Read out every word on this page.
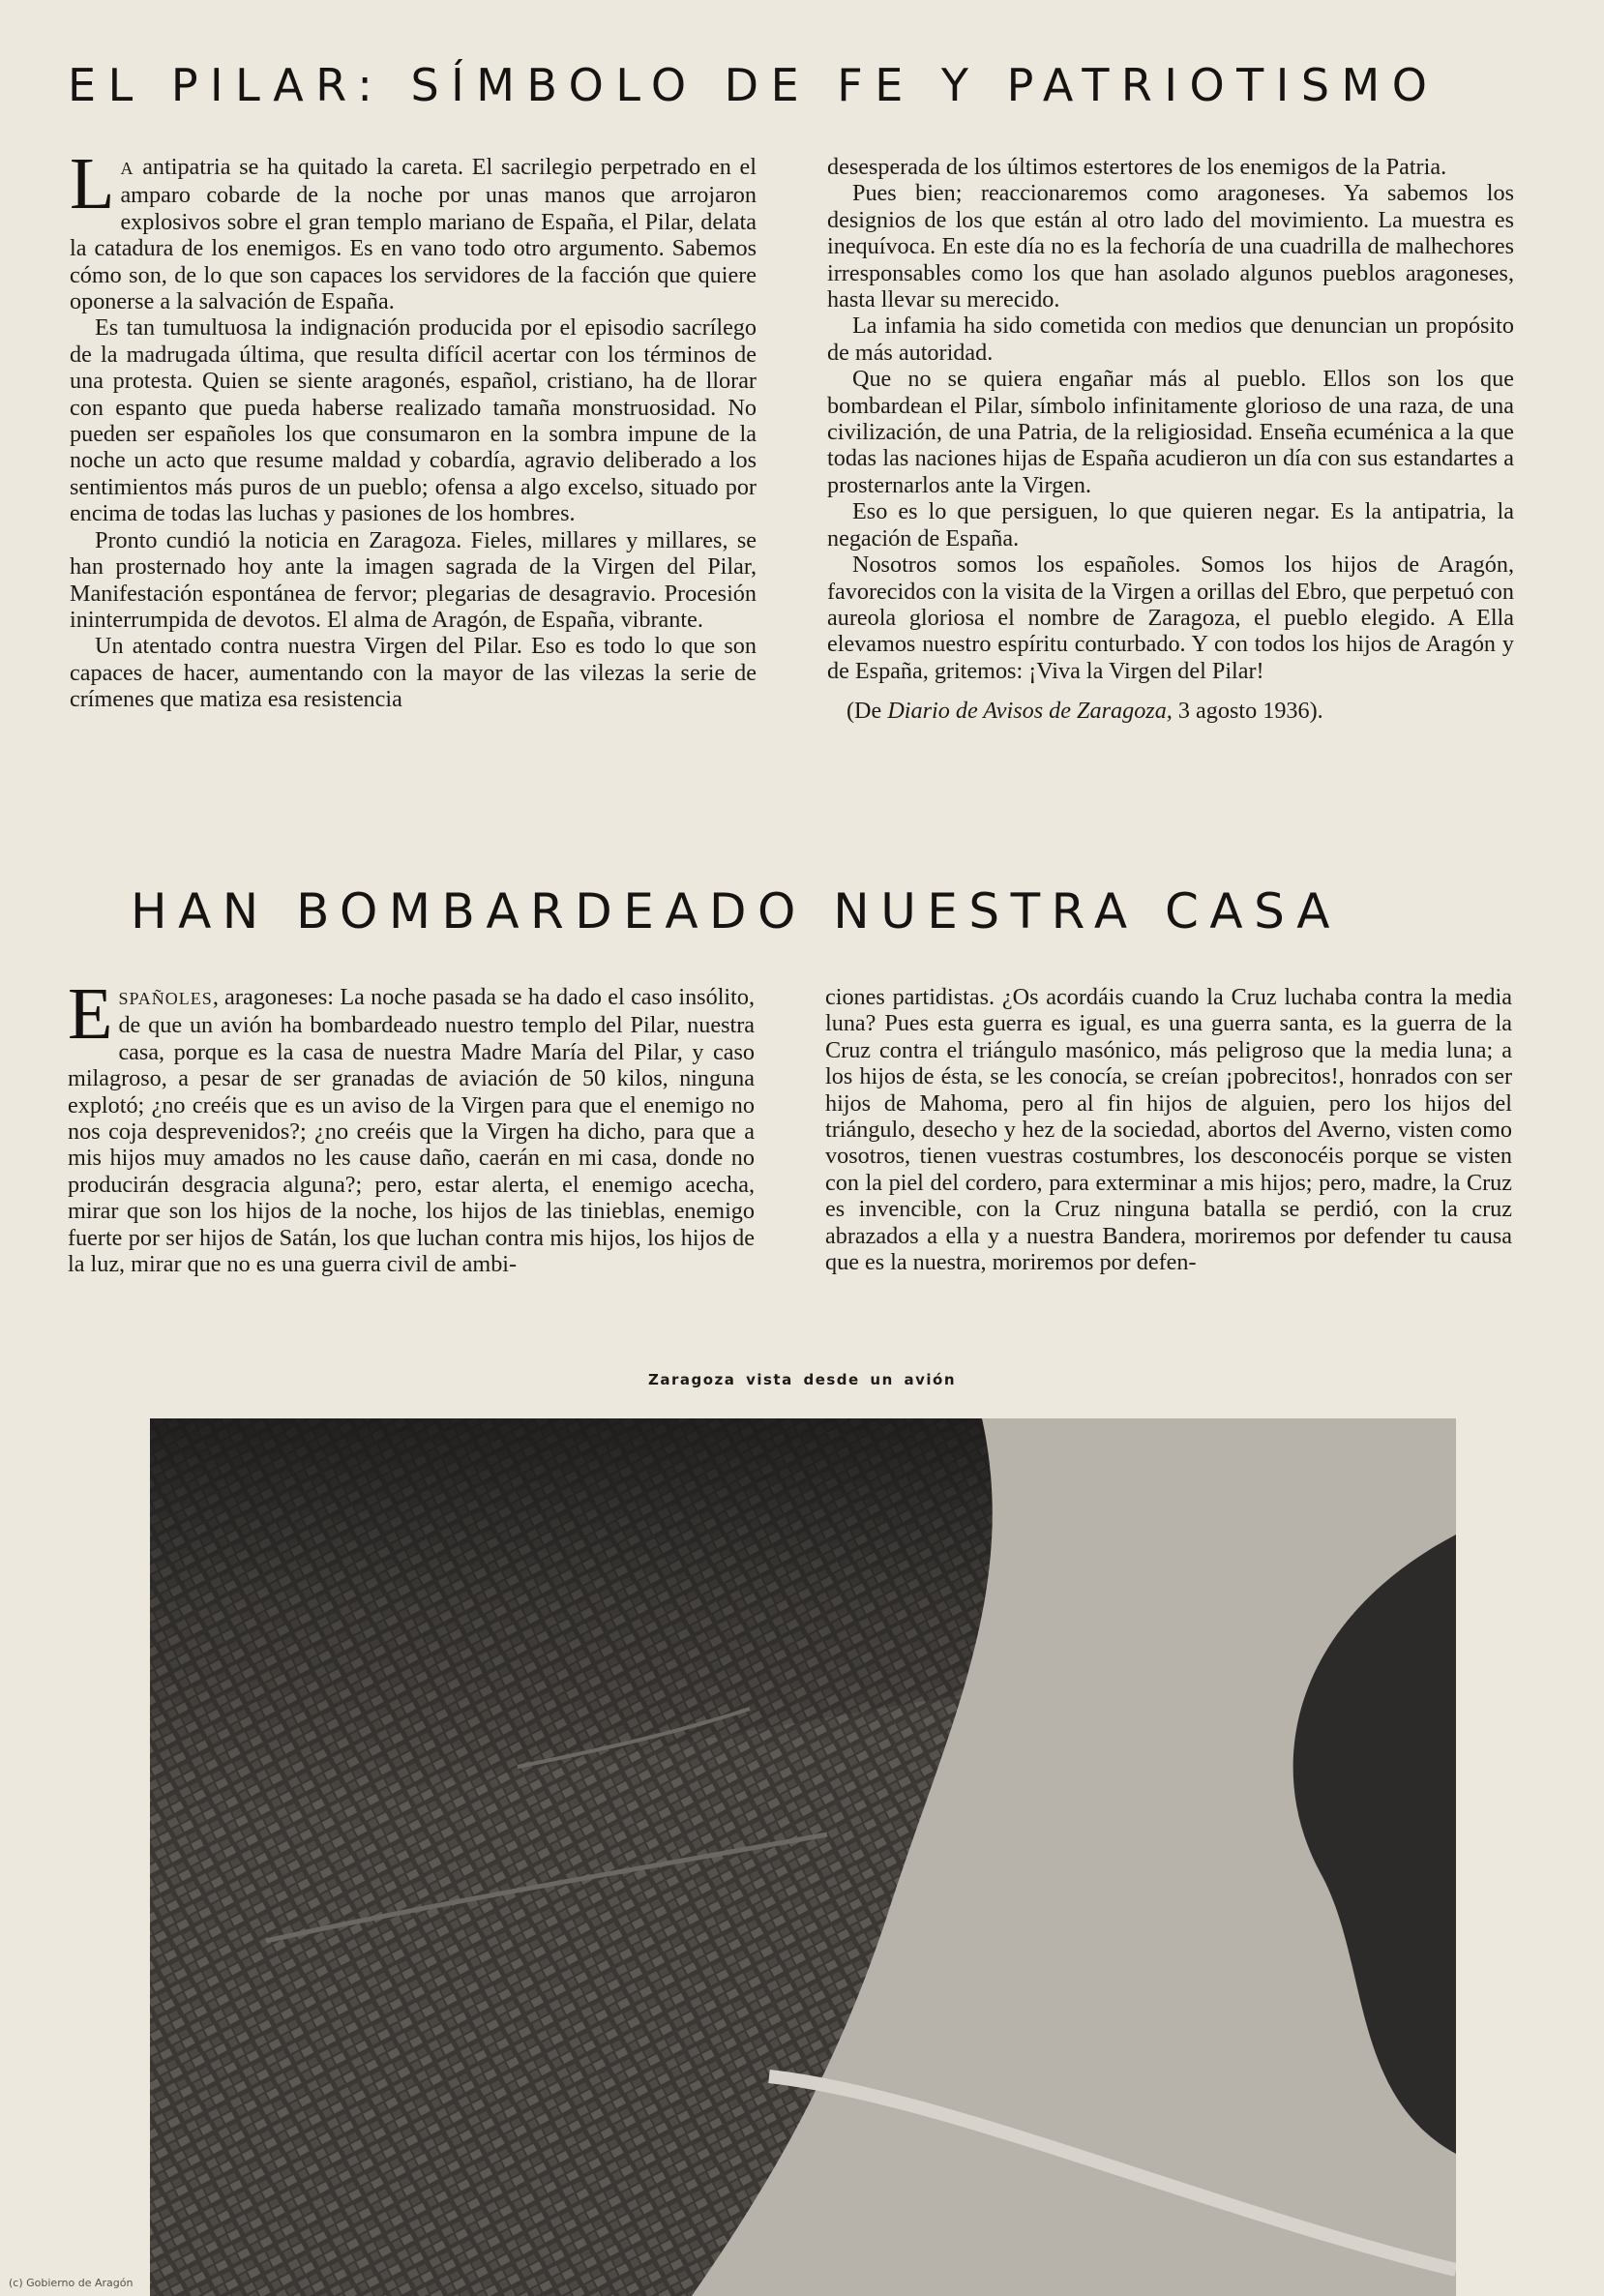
EL PILAR: SÍMBOLO DE FE Y PATRIOTISMO

LA antipatria se ha quitado la careta. El sacrilegio perpetrado en el amparo cobarde de la noche por unas manos que arrojaron explosivos sobre el gran templo mariano de España, el Pilar, delata la catadura de los enemigos. Es en vano todo otro argumento. Sabemos cómo son, de lo que son capaces los servidores de la facción que quiere oponerse a la salvación de España.

Es tan tumultuosa la indignación producida por el episodio sacrílego de la madrugada última, que resulta difícil acertar con los términos de una protesta. Quien se siente aragonés, español, cristiano, ha de llorar con espanto que pueda haberse realizado tamaña monstruosidad. No pueden ser españoles los que consumaron en la sombra impune de la noche un acto que resume maldad y cobardía, agravio deliberado a los sentimientos más puros de un pueblo; ofensa a algo excelso, situado por encima de todas las luchas y pasiones de los hombres.

Pronto cundió la noticia en Zaragoza. Fieles, millares y millares, se han prosternado hoy ante la imagen sagrada de la Virgen del Pilar, Manifestación espontánea de fervor; plegarias de desagravio. Procesión ininterrumpida de devotos. El alma de Aragón, de España, vibrante.

Un atentado contra nuestra Virgen del Pilar. Eso es todo lo que son capaces de hacer, aumentando con la mayor de las vilezas la serie de crímenes que matiza esa resistencia

desesperada de los últimos estertores de los enemigos de la Patria.

Pues bien; reaccionaremos como aragoneses. Ya sabemos los designios de los que están al otro lado del movimiento. La muestra es inequívoca. En este día no es la fechoría de una cuadrilla de malhechores irresponsables como los que han asolado algunos pueblos aragoneses, hasta llevar su merecido.

La infamia ha sido cometida con medios que denuncian un propósito de más autoridad.

Que no se quiera engañar más al pueblo. Ellos son los que bombardean el Pilar, símbolo infinitamente glorioso de una raza, de una civilización, de una Patria, de la religiosidad. Enseña ecuménica a la que todas las naciones hijas de España acudieron un día con sus estandartes a prosternarlos ante la Virgen.

Eso es lo que persiguen, lo que quieren negar. Es la antipatria, la negación de España.

Nosotros somos los españoles. Somos los hijos de Aragón, favorecidos con la visita de la Virgen a orillas del Ebro, que perpetuó con aureola gloriosa el nombre de Zaragoza, el pueblo elegido. A Ella elevamos nuestro espíritu conturbado. Y con todos los hijos de Aragón y de España, gritemos: ¡Viva la Virgen del Pilar!

(De Diario de Avisos de Zaragoza, 3 agosto 1936).

HAN BOMBARDEADO NUESTRA CASA

ESPAÑOLES, aragoneses: La noche pasada se ha dado el caso insólito, de que un avión ha bombardeado nuestro templo del Pilar, nuestra casa, porque es la casa de nuestra Madre María del Pilar, y caso milagroso, a pesar de ser granadas de aviación de 50 kilos, ninguna explotó; ¿no creéis que es un aviso de la Virgen para que el enemigo no nos coja desprevenidos?; ¿no creéis que la Virgen ha dicho, para que a mis hijos muy amados no les cause daño, caerán en mi casa, donde no producirán desgracia alguna?; pero, estar alerta, el enemigo acecha, mirar que son los hijos de la noche, los hijos de las tinieblas, enemigo fuerte por ser hijos de Satán, los que luchan contra mis hijos, los hijos de la luz, mirar que no es una guerra civil de ambi-

ciones partidistas. ¿Os acordáis cuando la Cruz luchaba contra la media luna? Pues esta guerra es igual, es una guerra santa, es la guerra de la Cruz contra el triángulo masónico, más peligroso que la media luna; a los hijos de ésta, se les conocía, se creían ¡pobrecitos!, honrados con ser hijos de Mahoma, pero al fin hijos de alguien, pero los hijos del triángulo, desecho y hez de la sociedad, abortos del Averno, visten como vosotros, tienen vuestras costumbres, los desconocéis porque se visten con la piel del cordero, para exterminar a mis hijos; pero, madre, la Cruz es invencible, con la Cruz ninguna batalla se perdió, con la cruz abrazados a ella y a nuestra Bandera, moriremos por defender tu causa que es la nuestra, moriremos por defen-

Zaragoza vista desde un avión

(c) Gobierno de Aragón
